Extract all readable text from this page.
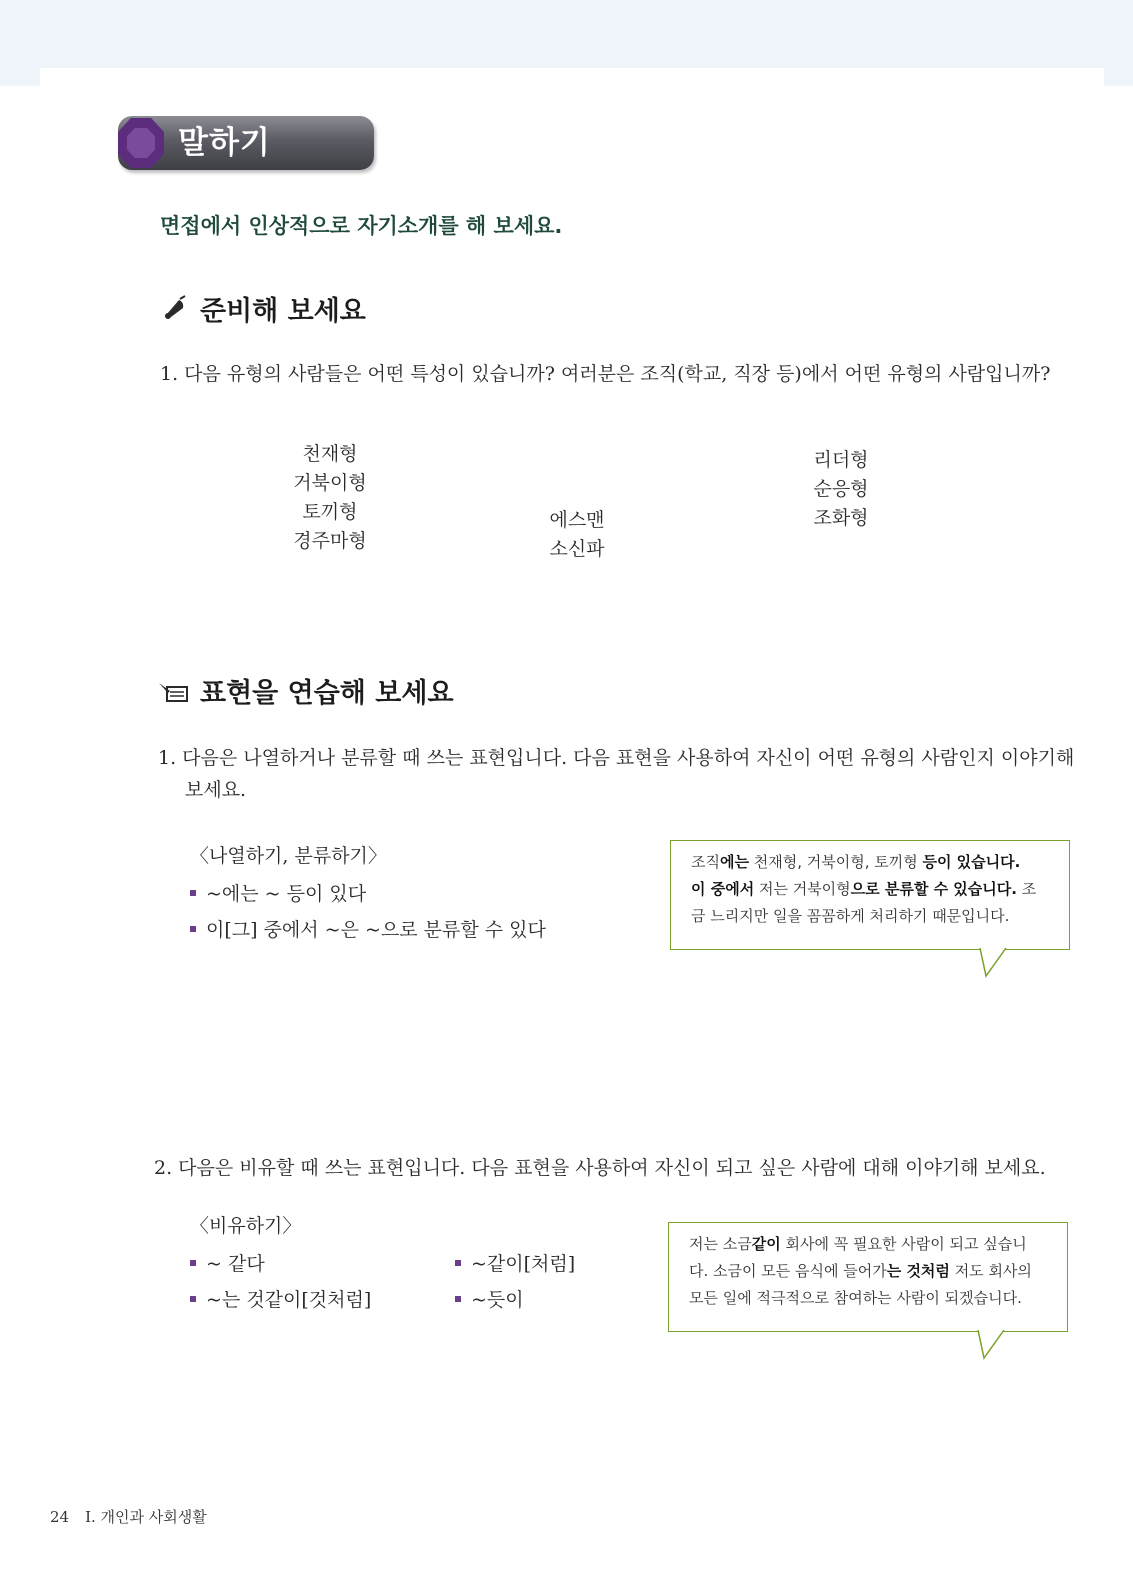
말하기
면접에서 인상적으로 자기소개를 해 보세요.
준비해 보세요
1. 다음 유형의 사람들은 어떤 특성이 있습니까? 여러분은 조직(학교, 직장 등)에서 어떤 유형의 사람입니까?
천재형
거북이형
토끼형
경주마형
에스맨
소신파
리더형
순응형
조화형
표현을 연습해 보세요
1. 다음은 나열하거나 분류할 때 쓰는 표현입니다. 다음 표현을 사용하여 자신이 어떤 유형의 사람인지 이야기해
보세요.
〈나열하기, 분류하기〉
~에는 ~ 등이 있다
이[그] 중에서 ~은 ~으로 분류할 수 있다
조직에는 천재형, 거북이형, 토끼형 등이 있습니다.
이 중에서 저는 거북이형으로 분류할 수 있습니다. 조
금 느리지만 일을 꼼꼼하게 처리하기 때문입니다.
2. 다음은 비유할 때 쓰는 표현입니다. 다음 표현을 사용하여 자신이 되고 싶은 사람에 대해 이야기해 보세요.
〈비유하기〉
~ 같다
~는 것같이[것처럼]
~같이[처럼]
~듯이
저는 소금같이 회사에 꼭 필요한 사람이 되고 싶습니
다. 소금이 모든 음식에 들어가는 것처럼 저도 회사의
모든 일에 적극적으로 참여하는 사람이 되겠습니다.
24 Ⅰ. 개인과 사회생활
